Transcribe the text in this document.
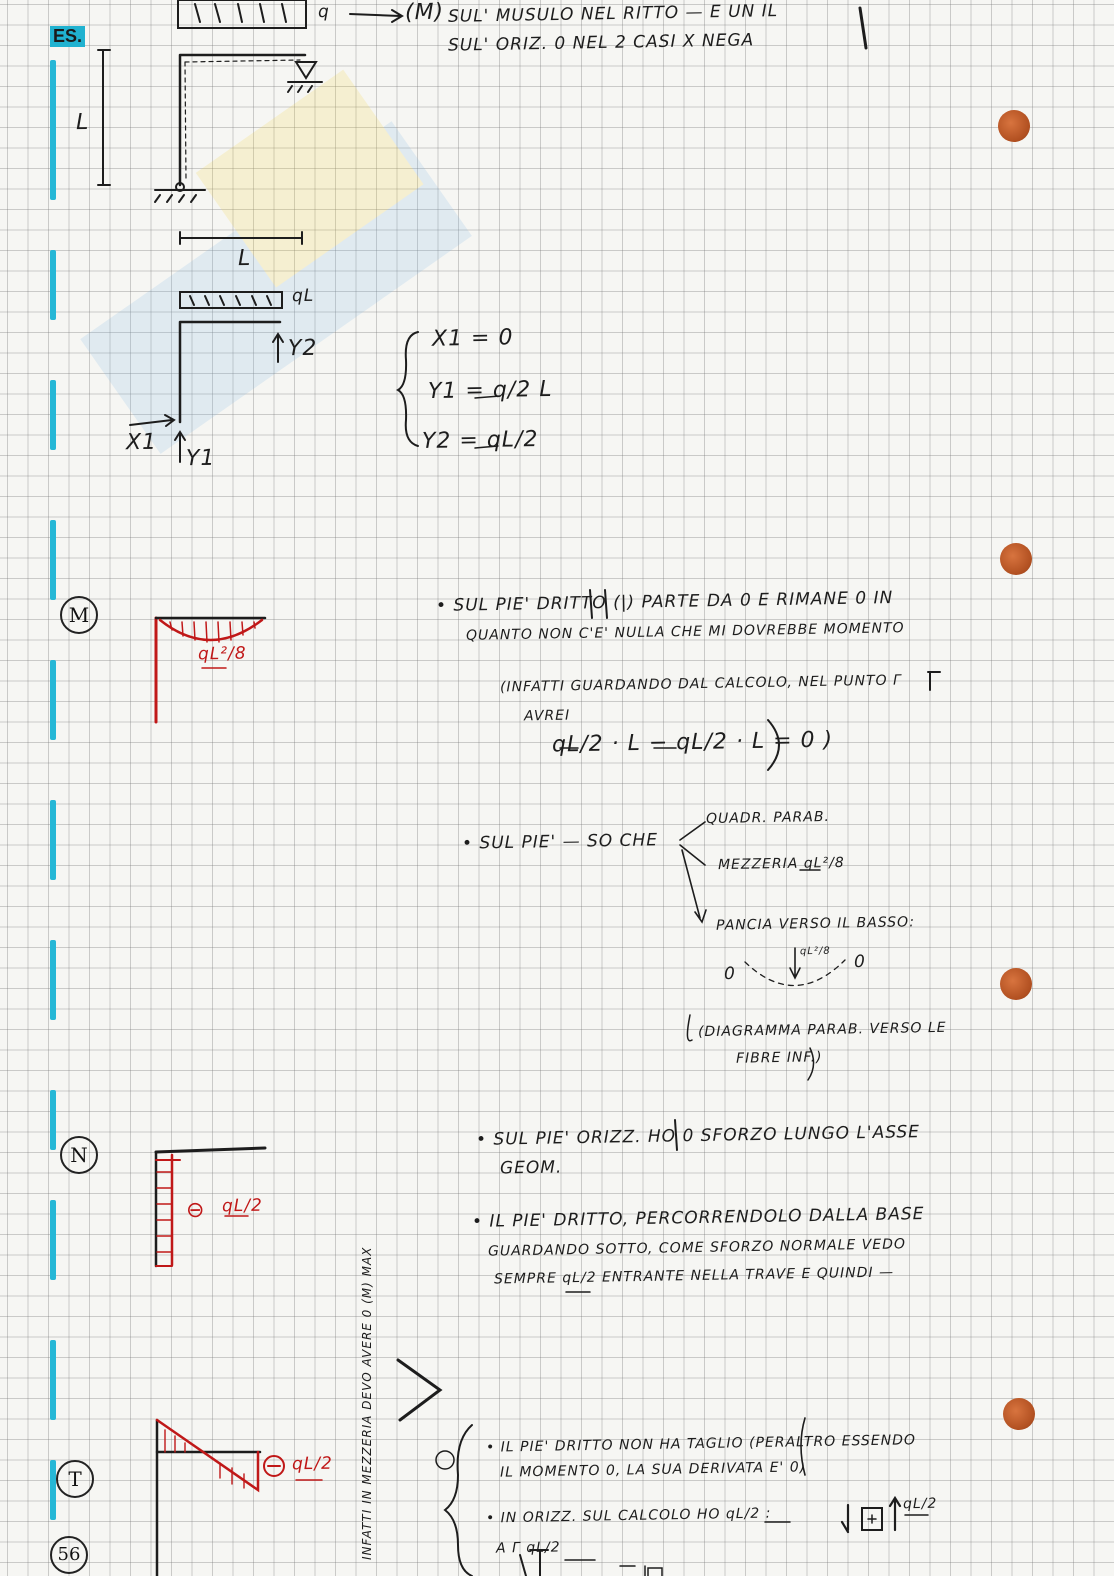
ES.
q	(M) SUL' MUSULO NEL RITTO — E UN IL
SUL' ORIZ. 0 NEL 2 CASI X NEGA
L
L
qL
Y2
X1
Y1
X1 = 0
Y1 = q/2 L
Y2 = qL/2
M
qL²/8
• SUL PIE' DRITTO (|) PARTE DA 0 E RIMANE 0 IN
QUANTO NON C'E' NULLA CHE MI DOVREBBE MOMENTO
(INFATTI GUARDANDO DAL CALCOLO, NEL PUNTO Γ
AVREI
qL/2 · L − qL/2 · L = 0 )
• SUL PIE' — SO CHE
QUADR. PARAB.
MEZZERIA qL²/8
PANCIA VERSO IL BASSO:
0
0
qL²/8
(DIAGRAMMA PARAB. VERSO LE
FIBRE INF.)
N
⊖ qL/2
• SUL PIE' ORIZZ. HO 0 SFORZO LUNGO L'ASSE
GEOM.
• IL PIE' DRITTO, PERCORRENDOLO DALLA BASE
GUARDANDO SOTTO, COME SFORZO NORMALE VEDO
SEMPRE qL/2 ENTRANTE NELLA TRAVE E QUINDI —
T
qL/2 INFATTI IN MEZZERIA DEVO AVERE 0 (M) MAX	• IL PIE' DRITTO NON HA TAGLIO (PERALTRO ESSENDO
IL MOMENTO 0, LA SUA DERIVATA E' 0)
• IN ORIZZ. SUL CALCOLO HO qL/2 :
qL/2
A Γ qL/2
56
